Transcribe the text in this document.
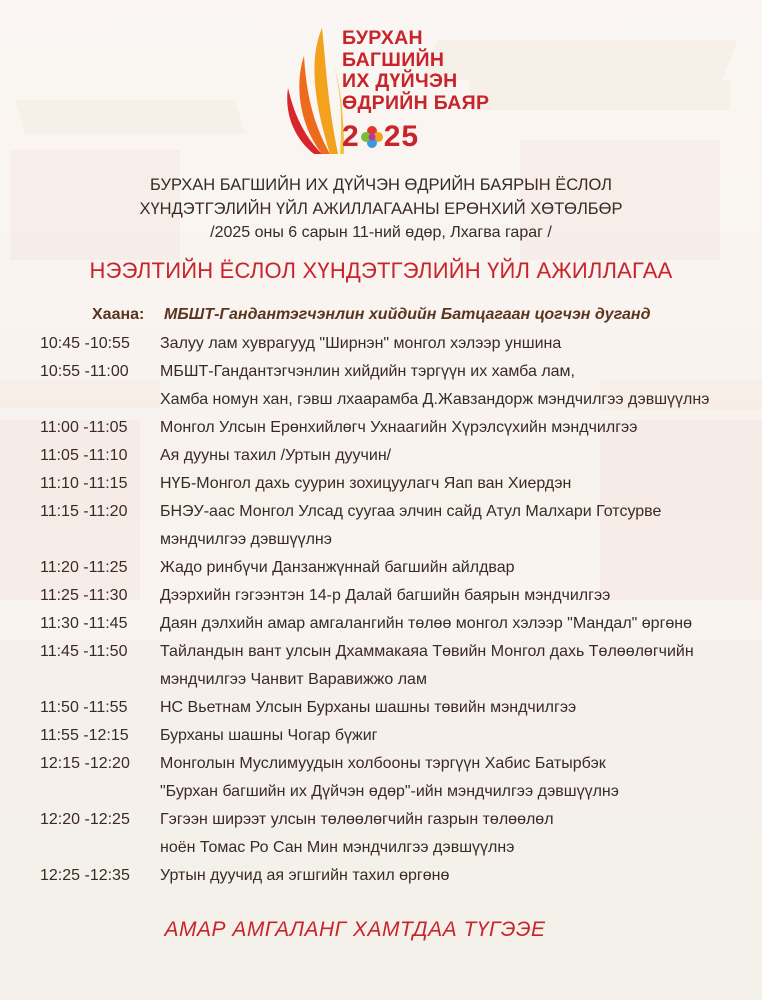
БУРХАН
БАГШИЙН
ИХ ДҮЙЧЭН
ӨДРИЙН БАЯР
2 25
БУРХАН БАГШИЙН ИХ ДҮЙЧЭН ӨДРИЙН БАЯРЫН ЁСЛОЛ
ХҮНДЭТГЭЛИЙН ҮЙЛ АЖИЛЛАГААНЫ ЕРӨНХИЙ ХӨТӨЛБӨР
/2025 оны 6 сарын 11-ний өдөр, Лхагва гараг /
НЭЭЛТИЙН ЁСЛОЛ ХҮНДЭТГЭЛИЙН ҮЙЛ АЖИЛЛАГАА
Хаана: МБШТ-Гандантэгчэнлин хийдийн Батцагаан цогчэн дуганд
10:45 -10:55	Залуу лам хуврагууд "Ширнэн" монгол хэлээр уншина
10:55 -11:00	МБШТ-Гандантэгчэнлин хийдийн тэргүүн их хамба лам,
Хамба номун хан, гэвш лхаарамба Д.Жавзандорж мэндчилгээ дэвшүүлнэ
11:00 -11:05	Монгол Улсын Ерөнхийлөгч Ухнаагийн Хүрэлсүхийн мэндчилгээ
11:05 -11:10	Ая дууны тахил /Уртын дуучин/
11:10 -11:15	НҮБ-Монгол дахь суурин зохицуулагч Яап ван Хиердэн
11:15 -11:20	БНЭУ-аас Монгол Улсад суугаа элчин сайд Атул Малхари Готсурве
мэндчилгээ дэвшүүлнэ
11:20 -11:25	Жадо ринбүчи Данзанжүннай багшийн айлдвар
11:25 -11:30	Дээрхийн гэгээнтэн 14-р Далай багшийн баярын мэндчилгээ
11:30 -11:45	Даян дэлхийн амар амгалангийн төлөө монгол хэлээр "Мандал" өргөнө
11:45 -11:50	Тайландын вант улсын Дхаммакаяа Төвийн Монгол дахь Төлөөлөгчийн
мэндчилгээ Чанвит Варавижжо лам
11:50 -11:55	НС Вьетнам Улсын Бурханы шашны төвийн мэндчилгээ
11:55 -12:15	Бурханы шашны Чогар бүжиг
12:15 -12:20	Монголын Муслимуудын холбооны тэргүүн Хабис Батырбэк
"Бурхан багшийн их Дүйчэн өдөр"-ийн мэндчилгээ дэвшүүлнэ
12:20 -12:25	Гэгээн ширээт улсын төлөөлөгчийн газрын төлөөлөл
ноён Томас Ро Сан Мин мэндчилгээ дэвшүүлнэ
12:25 -12:35	Уртын дуучид ая эгшгийн тахил өргөнө
АМАР АМГАЛАНГ ХАМТДАА ТҮГЭЭЕ
